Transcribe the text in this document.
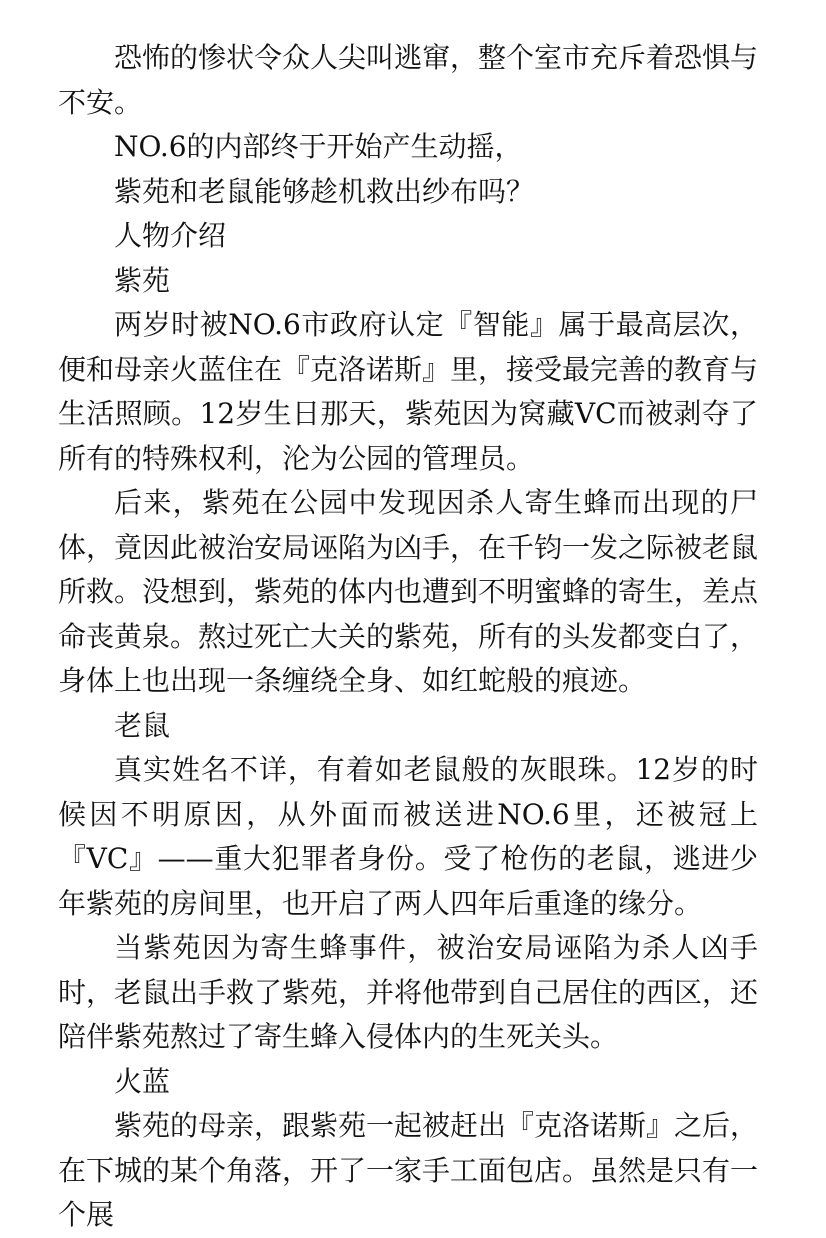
恐怖的惨状令众人尖叫逃窜，整个室市充斥着恐惧与不安。

NO.6的内部终于开始产生动摇，

紫苑和老鼠能够趁机救出纱布吗？

人物介绍

紫苑

两岁时被NO.6市政府认定『智能』属于最高层次，便和母亲火蓝住在『克洛诺斯』里，接受最完善的教育与生活照顾。12岁生日那天，紫苑因为窝藏VC而被剥夺了所有的特殊权利，沦为公园的管理员。

后来，紫苑在公园中发现因杀人寄生蜂而出现的尸体，竟因此被治安局诬陷为凶手，在千钧一发之际被老鼠所救。没想到，紫苑的体内也遭到不明蜜蜂的寄生，差点命丧黄泉。熬过死亡大关的紫苑，所有的头发都变白了，身体上也出现一条缠绕全身、如红蛇般的痕迹。

老鼠

真实姓名不详，有着如老鼠般的灰眼珠。12岁的时候因不明原因，从外面而被送进NO.6里，还被冠上『VC』——重大犯罪者身份。受了枪伤的老鼠，逃进少年紫苑的房间里，也开启了两人四年后重逢的缘分。

当紫苑因为寄生蜂事件，被治安局诬陷为杀人凶手时，老鼠出手救了紫苑，并将他带到自己居住的西区，还陪伴紫苑熬过了寄生蜂入侵体内的生死关头。

火蓝

紫苑的母亲，跟紫苑一起被赶出『克洛诺斯』之后，在下城的某个角落，开了一家手工面包店。虽然是只有一个展
